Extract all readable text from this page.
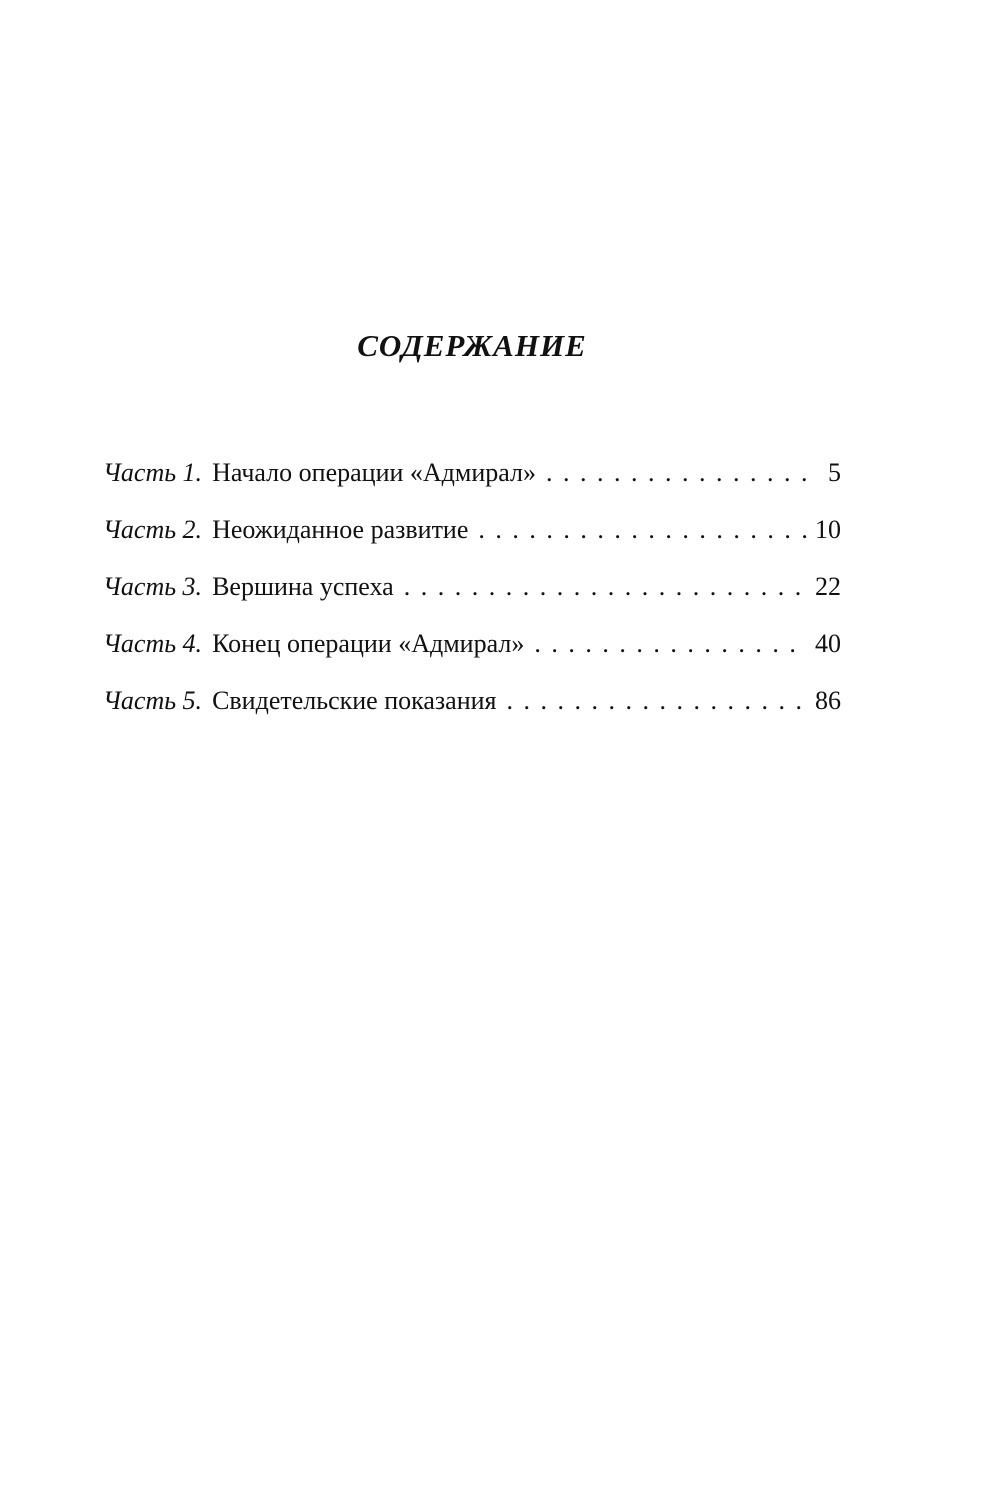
СОДЕРЖАНИЕ
Часть 1. Начало операции «Адмирал» . . .	5
Часть 2. Неожиданное развитие . . .	10
Часть 3. Вершина успеха . . .	22
Часть 4. Конец операции «Адмирал» . . .	40
Часть 5. Свидетельские показания . . .	86
